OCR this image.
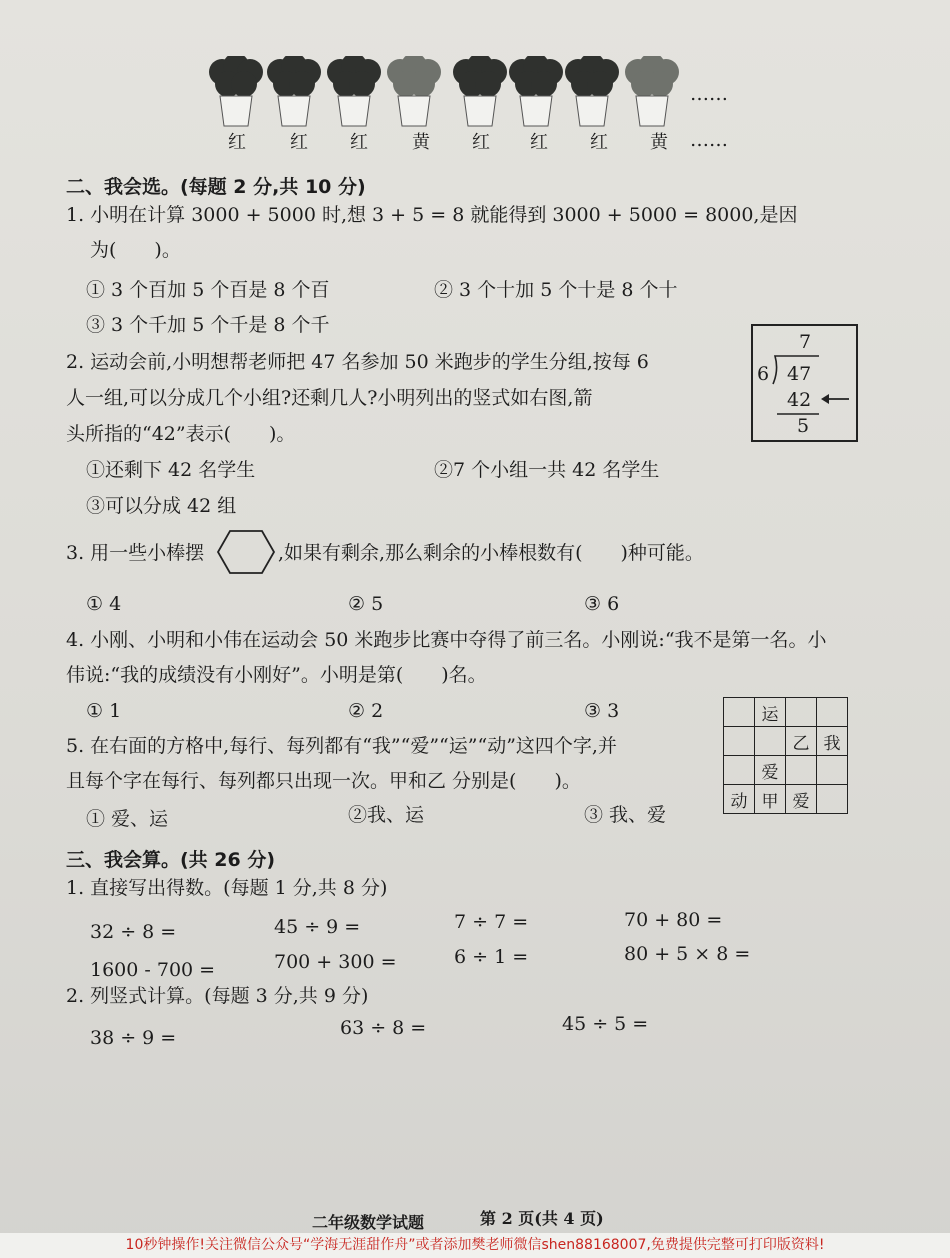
……
红 红 红 黄 红 红 红 黄 ……
二、我会选。(每题 2 分,共 10 分)
1. 小明在计算 3000 + 5000 时,想 3 + 5 = 8 就能得到 3000 + 5000 = 8000,是因
为(　　)。
① 3 个百加 5 个百是 8 个百	② 3 个十加 5 个十是 8 个十
③ 3 个千加 5 个千是 8 个千
2. 运动会前,小明想帮老师把 47 名参加 50 米跑步的学生分组,按每 6
人一组,可以分成几个小组?还剩几人?小明列出的竖式如右图,箭
头所指的“42”表示(　　)。
①还剩下 42 名学生	②7 个小组一共 42 名学生
③可以分成 42 组
7
6 47
42
5
3. 用一些小棒摆	,如果有剩余,那么剩余的小棒根数有(　　)种可能。
① 4	② 5	③ 6
4. 小刚、小明和小伟在运动会 50 米跑步比赛中夺得了前三名。小刚说:“我不是第一名。小
伟说:“我的成绩没有小刚好”。小明是第(　　)名。
① 1	② 2	③ 3
5. 在右面的方格中,每行、每列都有“我”“爱”“运”“动”这四个字,并
且每个字在每行、每列都只出现一次。甲和乙 分别是(　　)。
① 爱、运	②我、运	③ 我、爱
	运		
		乙	我
	爱		
动	甲	爱	
三、我会算。(共 26 分)
1. 直接写出得数。(每题 1 分,共 8 分)
32 ÷ 8 =	45 ÷ 9 =	7 ÷ 7 =	70 + 80 =
1600 - 700 =	700 + 300 =	6 ÷ 1 =	80 + 5 × 8 =
2. 列竖式计算。(每题 3 分,共 9 分)
38 ÷ 9 =	63 ÷ 8 =	45 ÷ 5 =
二年级数学试题	第 2 页(共 4 页)
10秒钟操作!关注微信公众号“学海无涯甜作舟”或者添加樊老师微信shen88168007,免费提供完整可打印版资料!
